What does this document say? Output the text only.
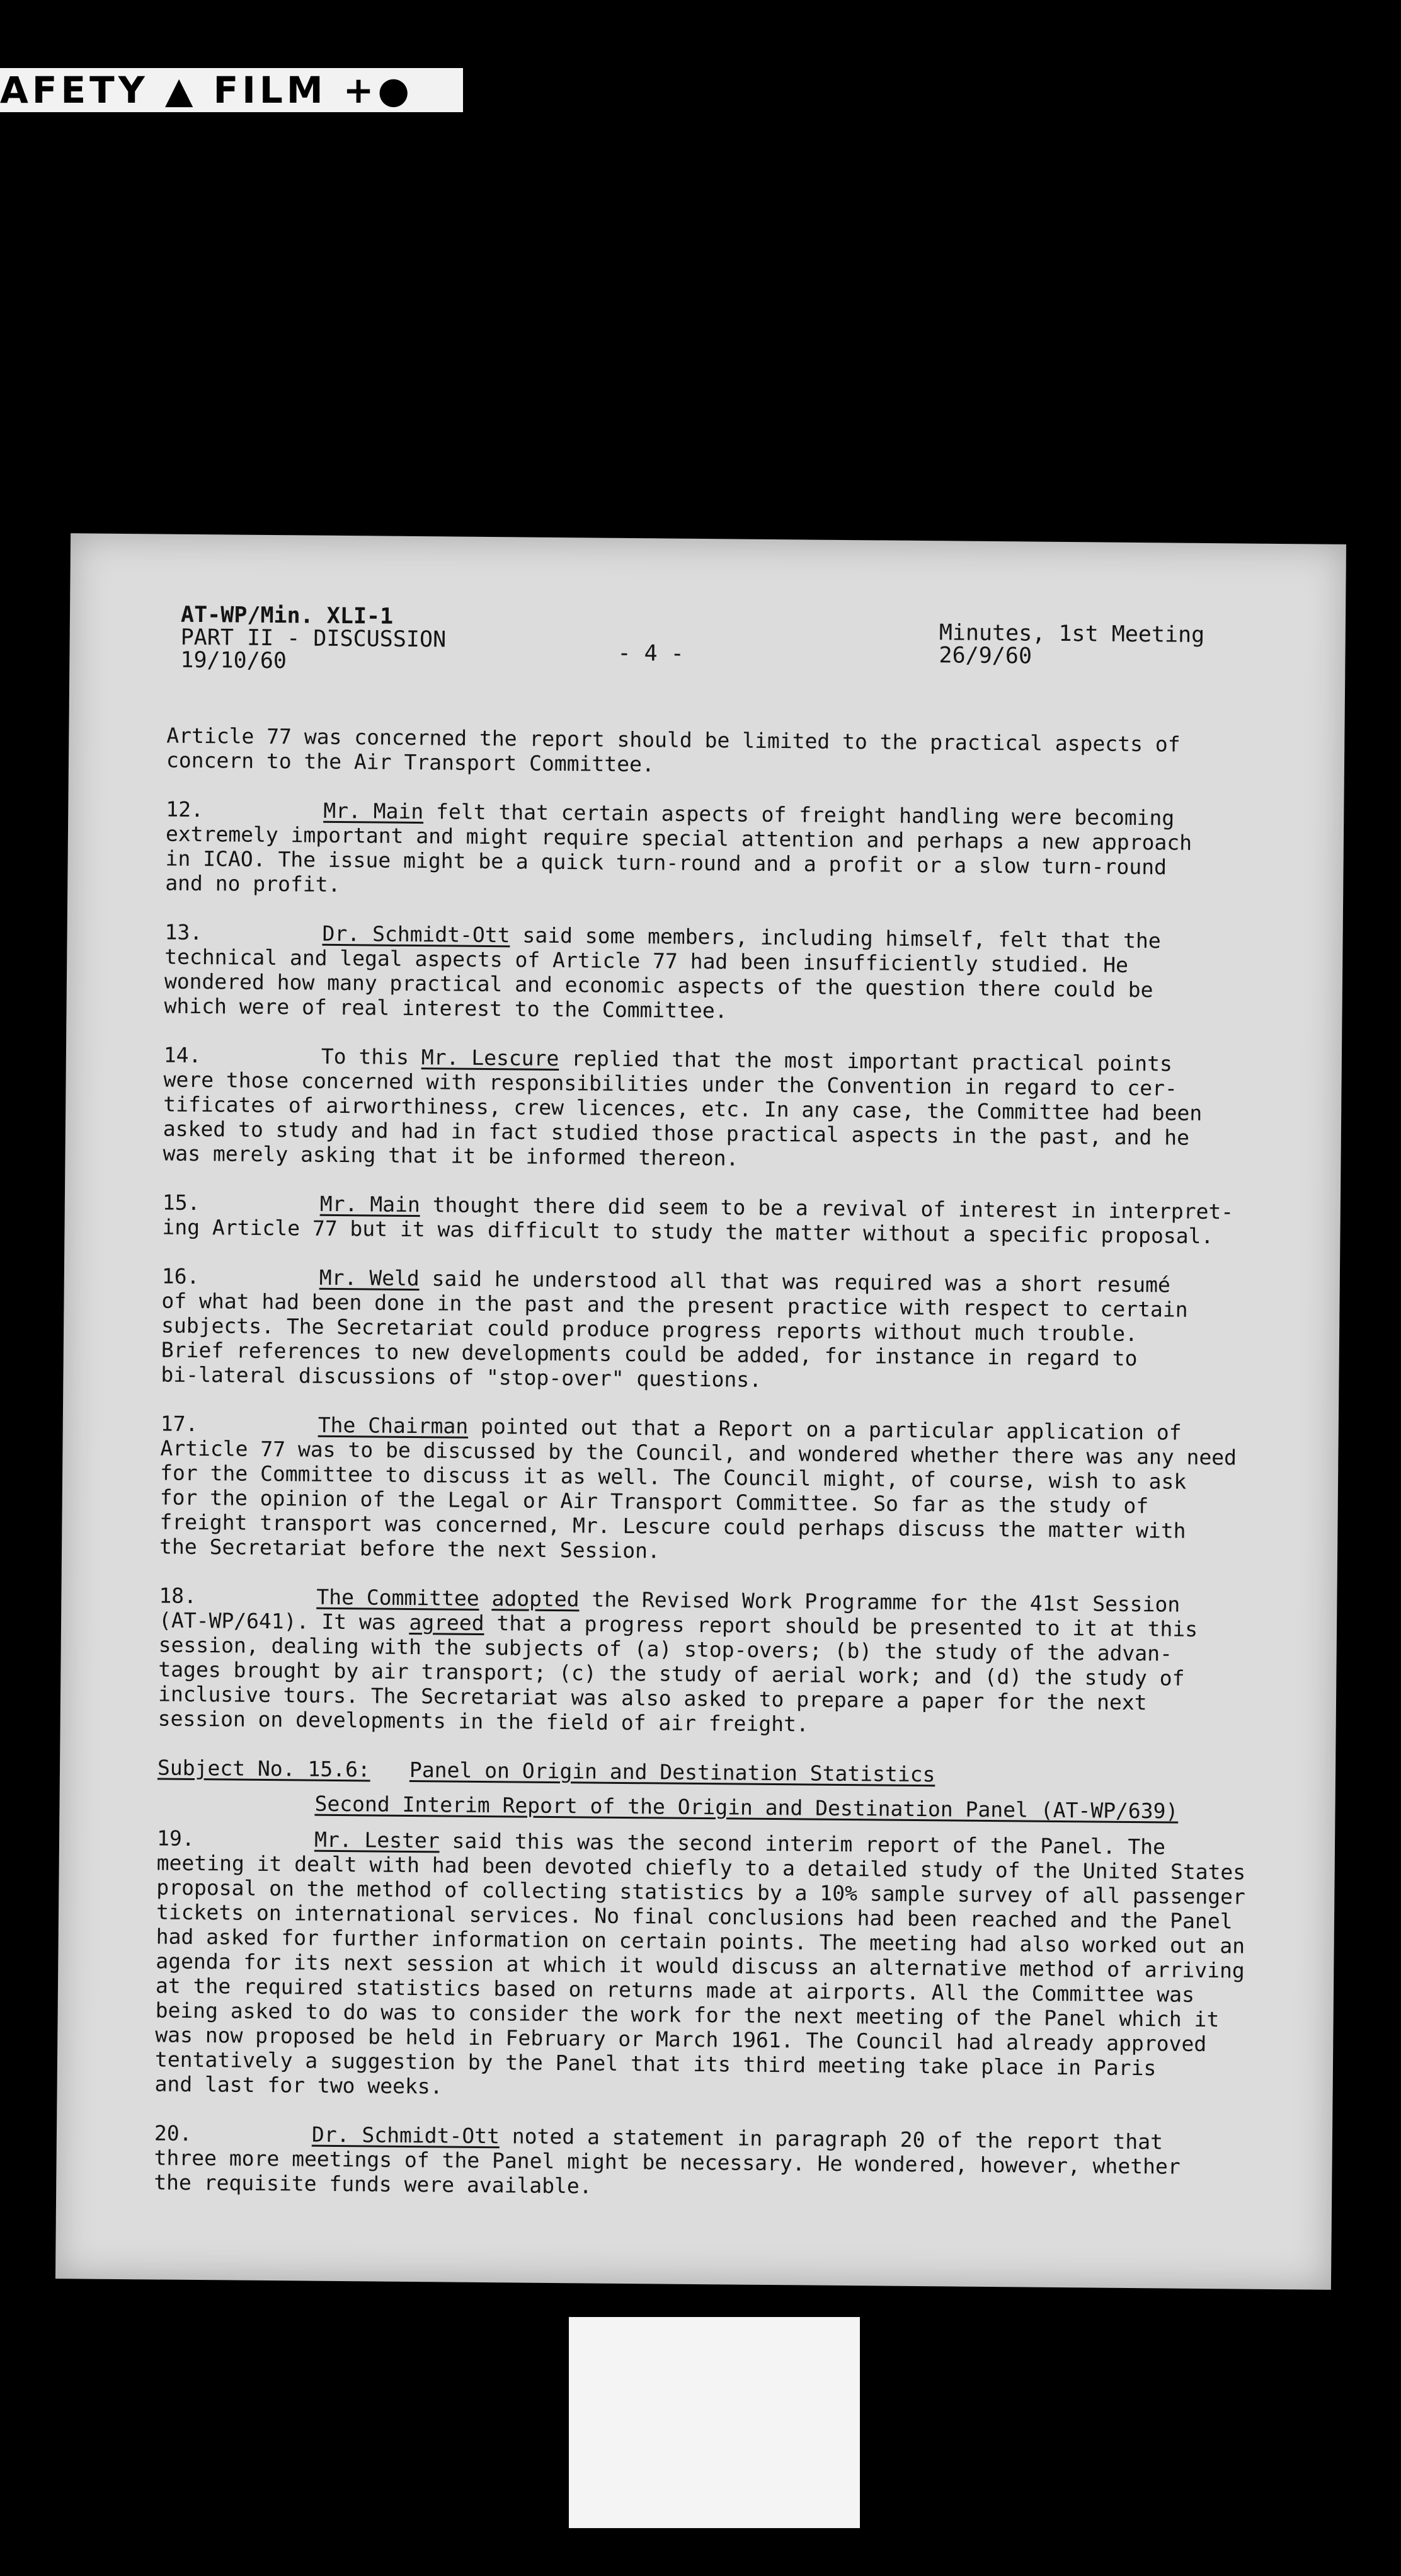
AFETY ▲ FILM +●
AT-WP/Min. XLI-1
PART II - DISCUSSION
19/10/60	- 4 -
Minutes, 1st Meeting
26/9/60

Article 77 was concerned the report should be limited to the practical aspects of
concern to the Air Transport Committee.

12.	Mr. Main felt that certain aspects of freight handling were becoming
extremely important and might require special attention and perhaps a new approach
in ICAO. The issue might be a quick turn-round and a profit or a slow turn-round
and no profit.

13.	Dr. Schmidt-Ott said some members, including himself, felt that the
technical and legal aspects of Article 77 had been insufficiently studied. He
wondered how many practical and economic aspects of the question there could be
which were of real interest to the Committee.

14.	To this Mr. Lescure replied that the most important practical points
were those concerned with responsibilities under the Convention in regard to cer-
tificates of airworthiness, crew licences, etc. In any case, the Committee had been
asked to study and had in fact studied those practical aspects in the past, and he
was merely asking that it be informed thereon.

15.	Mr. Main thought there did seem to be a revival of interest in interpret-
ing Article 77 but it was difficult to study the matter without a specific proposal.

16.	Mr. Weld said he understood all that was required was a short resumé
of what had been done in the past and the present practice with respect to certain
subjects. The Secretariat could produce progress reports without much trouble.
Brief references to new developments could be added, for instance in regard to
bi-lateral discussions of "stop-over" questions.

17.	The Chairman pointed out that a Report on a particular application of
Article 77 was to be discussed by the Council, and wondered whether there was any need
for the Committee to discuss it as well. The Council might, of course, wish to ask
for the opinion of the Legal or Air Transport Committee. So far as the study of
freight transport was concerned, Mr. Lescure could perhaps discuss the matter with
the Secretariat before the next Session.

18.	The Committee adopted the Revised Work Programme for the 41st Session
(AT-WP/641). It was agreed that a progress report should be presented to it at this
session, dealing with the subjects of (a) stop-overs; (b) the study of the advan-
tages brought by air transport; (c) the study of aerial work; and (d) the study of
inclusive tours. The Secretariat was also asked to prepare a paper for the next
session on developments in the field of air freight.

Subject No. 15.6: Panel on Origin and Destination Statistics
Second Interim Report of the Origin and Destination Panel (AT-WP/639)

19.	Mr. Lester said this was the second interim report of the Panel. The
meeting it dealt with had been devoted chiefly to a detailed study of the United States
proposal on the method of collecting statistics by a 10% sample survey of all passenger
tickets on international services. No final conclusions had been reached and the Panel
had asked for further information on certain points. The meeting had also worked out an
agenda for its next session at which it would discuss an alternative method of arriving
at the required statistics based on returns made at airports. All the Committee was
being asked to do was to consider the work for the next meeting of the Panel which it
was now proposed be held in February or March 1961. The Council had already approved
tentatively a suggestion by the Panel that its third meeting take place in Paris
and last for two weeks.

20.	Dr. Schmidt-Ott noted a statement in paragraph 20 of the report that
three more meetings of the Panel might be necessary. He wondered, however, whether
the requisite funds were available.
